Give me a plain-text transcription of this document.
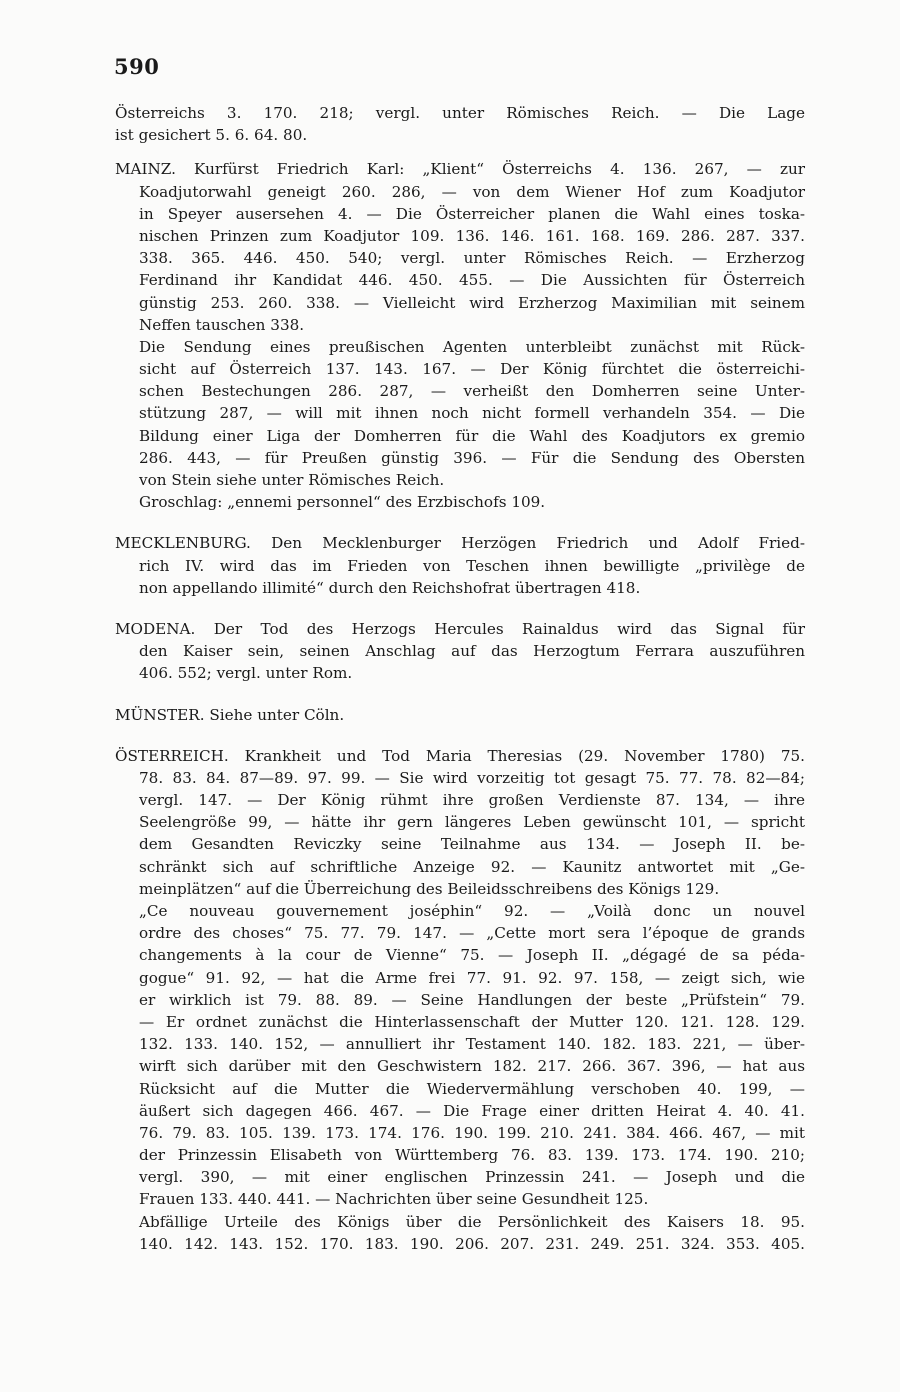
590
Österreichs 3. 170. 218; vergl. unter Römisches Reich. — Die Lage
ist gesichert 5. 6. 64. 80.
MAINZ. Kurfürst Friedrich Karl: „Klient“ Österreichs 4. 136. 267, — zur
Koadjutorwahl geneigt 260. 286, — von dem Wiener Hof zum Koadjutor
in Speyer ausersehen 4. — Die Österreicher planen die Wahl eines toska-
nischen Prinzen zum Koadjutor 109. 136. 146. 161. 168. 169. 286. 287. 337.
338. 365. 446. 450. 540; vergl. unter Römisches Reich. — Erzherzog
Ferdinand ihr Kandidat 446. 450. 455. — Die Aussichten für Österreich
günstig 253. 260. 338. — Vielleicht wird Erzherzog Maximilian mit seinem
Neffen tauschen 338.
Die Sendung eines preußischen Agenten unterbleibt zunächst mit Rück-
sicht auf Österreich 137. 143. 167. — Der König fürchtet die österreichi-
schen Bestechungen 286. 287, — verheißt den Domherren seine Unter-
stützung 287, — will mit ihnen noch nicht formell verhandeln 354. — Die
Bildung einer Liga der Domherren für die Wahl des Koadjutors ex gremio
286. 443, — für Preußen günstig 396. — Für die Sendung des Obersten
von Stein siehe unter Römisches Reich.
Groschlag: „ennemi personnel“ des Erzbischofs 109.
MECKLENBURG. Den Mecklenburger Herzögen Friedrich und Adolf Fried-
rich IV. wird das im Frieden von Teschen ihnen bewilligte „privilège de
non appellando illimité“ durch den Reichshofrat übertragen 418.
MODENA. Der Tod des Herzogs Hercules Rainaldus wird das Signal für
den Kaiser sein, seinen Anschlag auf das Herzogtum Ferrara auszuführen
406. 552; vergl. unter Rom.
MÜNSTER. Siehe unter Cöln.
ÖSTERREICH. Krankheit und Tod Maria Theresias (29. November 1780) 75.
78. 83. 84. 87—89. 97. 99. — Sie wird vorzeitig tot gesagt 75. 77. 78. 82—84;
vergl. 147. — Der König rühmt ihre großen Verdienste 87. 134, — ihre
Seelengröße 99, — hätte ihr gern längeres Leben gewünscht 101, — spricht
dem Gesandten Reviczky seine Teilnahme aus 134. — Joseph II. be-
schränkt sich auf schriftliche Anzeige 92. — Kaunitz antwortet mit „Ge-
meinplätzen“ auf die Überreichung des Beileidsschreibens des Königs 129.
„Ce nouveau gouvernement joséphin“ 92. — „Voilà donc un nouvel
ordre des choses“ 75. 77. 79. 147. — „Cette mort sera l’époque de grands
changements à la cour de Vienne“ 75. — Joseph II. „dégagé de sa péda-
gogue“ 91. 92, — hat die Arme frei 77. 91. 92. 97. 158, — zeigt sich, wie
er wirklich ist 79. 88. 89. — Seine Handlungen der beste „Prüfstein“ 79.
— Er ordnet zunächst die Hinterlassenschaft der Mutter 120. 121. 128. 129.
132. 133. 140. 152, — annulliert ihr Testament 140. 182. 183. 221, — über-
wirft sich darüber mit den Geschwistern 182. 217. 266. 367. 396, — hat aus
Rücksicht auf die Mutter die Wiedervermählung verschoben 40. 199, —
äußert sich dagegen 466. 467. — Die Frage einer dritten Heirat 4. 40. 41.
76. 79. 83. 105. 139. 173. 174. 176. 190. 199. 210. 241. 384. 466. 467, — mit
der Prinzessin Elisabeth von Württemberg 76. 83. 139. 173. 174. 190. 210;
vergl. 390, — mit einer englischen Prinzessin 241. — Joseph und die
Frauen 133. 440. 441. — Nachrichten über seine Gesundheit 125.
Abfällige Urteile des Königs über die Persönlichkeit des Kaisers 18. 95.
140. 142. 143. 152. 170. 183. 190. 206. 207. 231. 249. 251. 324. 353. 405.
